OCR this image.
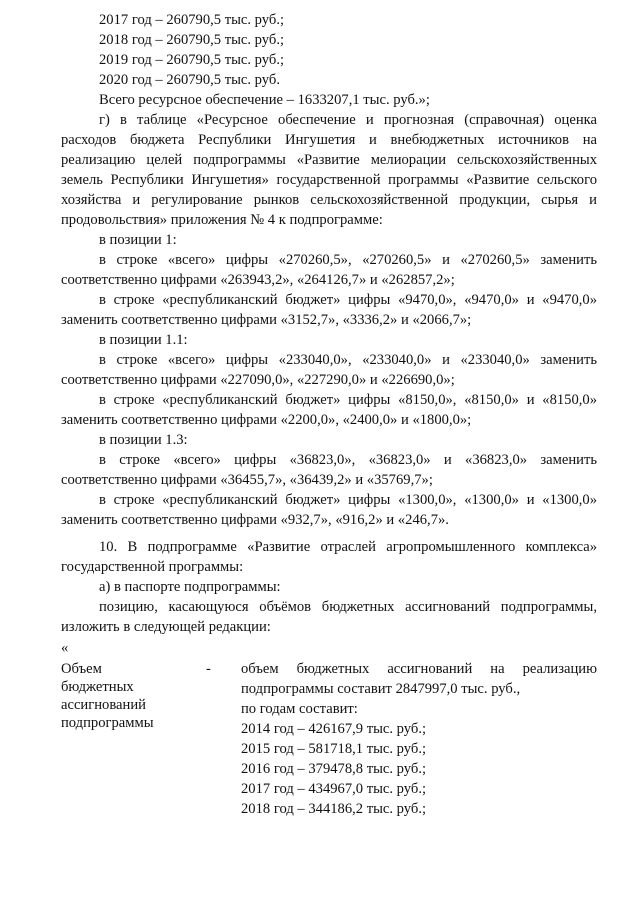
2017 год – 260790,5 тыс. руб.;
2018 год – 260790,5 тыс. руб.;
2019 год – 260790,5 тыс. руб.;
2020 год – 260790,5 тыс. руб.
Всего ресурсное обеспечение – 1633207,1 тыс. руб.»;
г) в таблице «Ресурсное обеспечение и прогнозная (справочная) оценка
расходов бюджета Республики Ингушетия и внебюджетных источников на
реализацию целей подпрограммы «Развитие мелиорации сельскохозяйственных
земель Республики Ингушетия» государственной программы «Развитие сельского
хозяйства и регулирование рынков сельскохозяйственной продукции, сырья и
продовольствия» приложения № 4 к подпрограмме:
в позиции 1:
в строке «всего» цифры «270260,5», «270260,5» и «270260,5» заменить
соответственно цифрами «263943,2», «264126,7» и «262857,2»;
в строке «республиканский бюджет» цифры «9470,0», «9470,0» и «9470,0»
заменить соответственно цифрами «3152,7», «3336,2» и «2066,7»;
в позиции 1.1:
в строке «всего» цифры «233040,0», «233040,0» и «233040,0» заменить
соответственно цифрами «227090,0», «227290,0» и «226690,0»;
в строке «республиканский бюджет» цифры «8150,0», «8150,0» и «8150,0»
заменить соответственно цифрами «2200,0», «2400,0» и «1800,0»;
в позиции 1.3:
в строке «всего» цифры «36823,0», «36823,0» и «36823,0» заменить
соответственно цифрами «36455,7», «36439,2» и «35769,7»;
в строке «республиканский бюджет» цифры «1300,0», «1300,0» и «1300,0»
заменить соответственно цифрами «932,7», «916,2» и «246,7».
10. В подпрограмме «Развитие отраслей агропромышленного комплекса»
государственной программы:
а) в паспорте подпрограммы:
позицию, касающуюся объёмов бюджетных ассигнований подпрограммы,
изложить в следующей редакции:
«
Объем
бюджетных
ассигнований
подпрограммы
- объем бюджетных ассигнований на реализацию
подпрограммы составит 2847997,0 тыс. руб.,
по годам составит:
2014 год – 426167,9 тыс. руб.;
2015 год – 581718,1 тыс. руб.;
2016 год – 379478,8 тыс. руб.;
2017 год – 434967,0 тыс. руб.;
2018 год – 344186,2 тыс. руб.;
